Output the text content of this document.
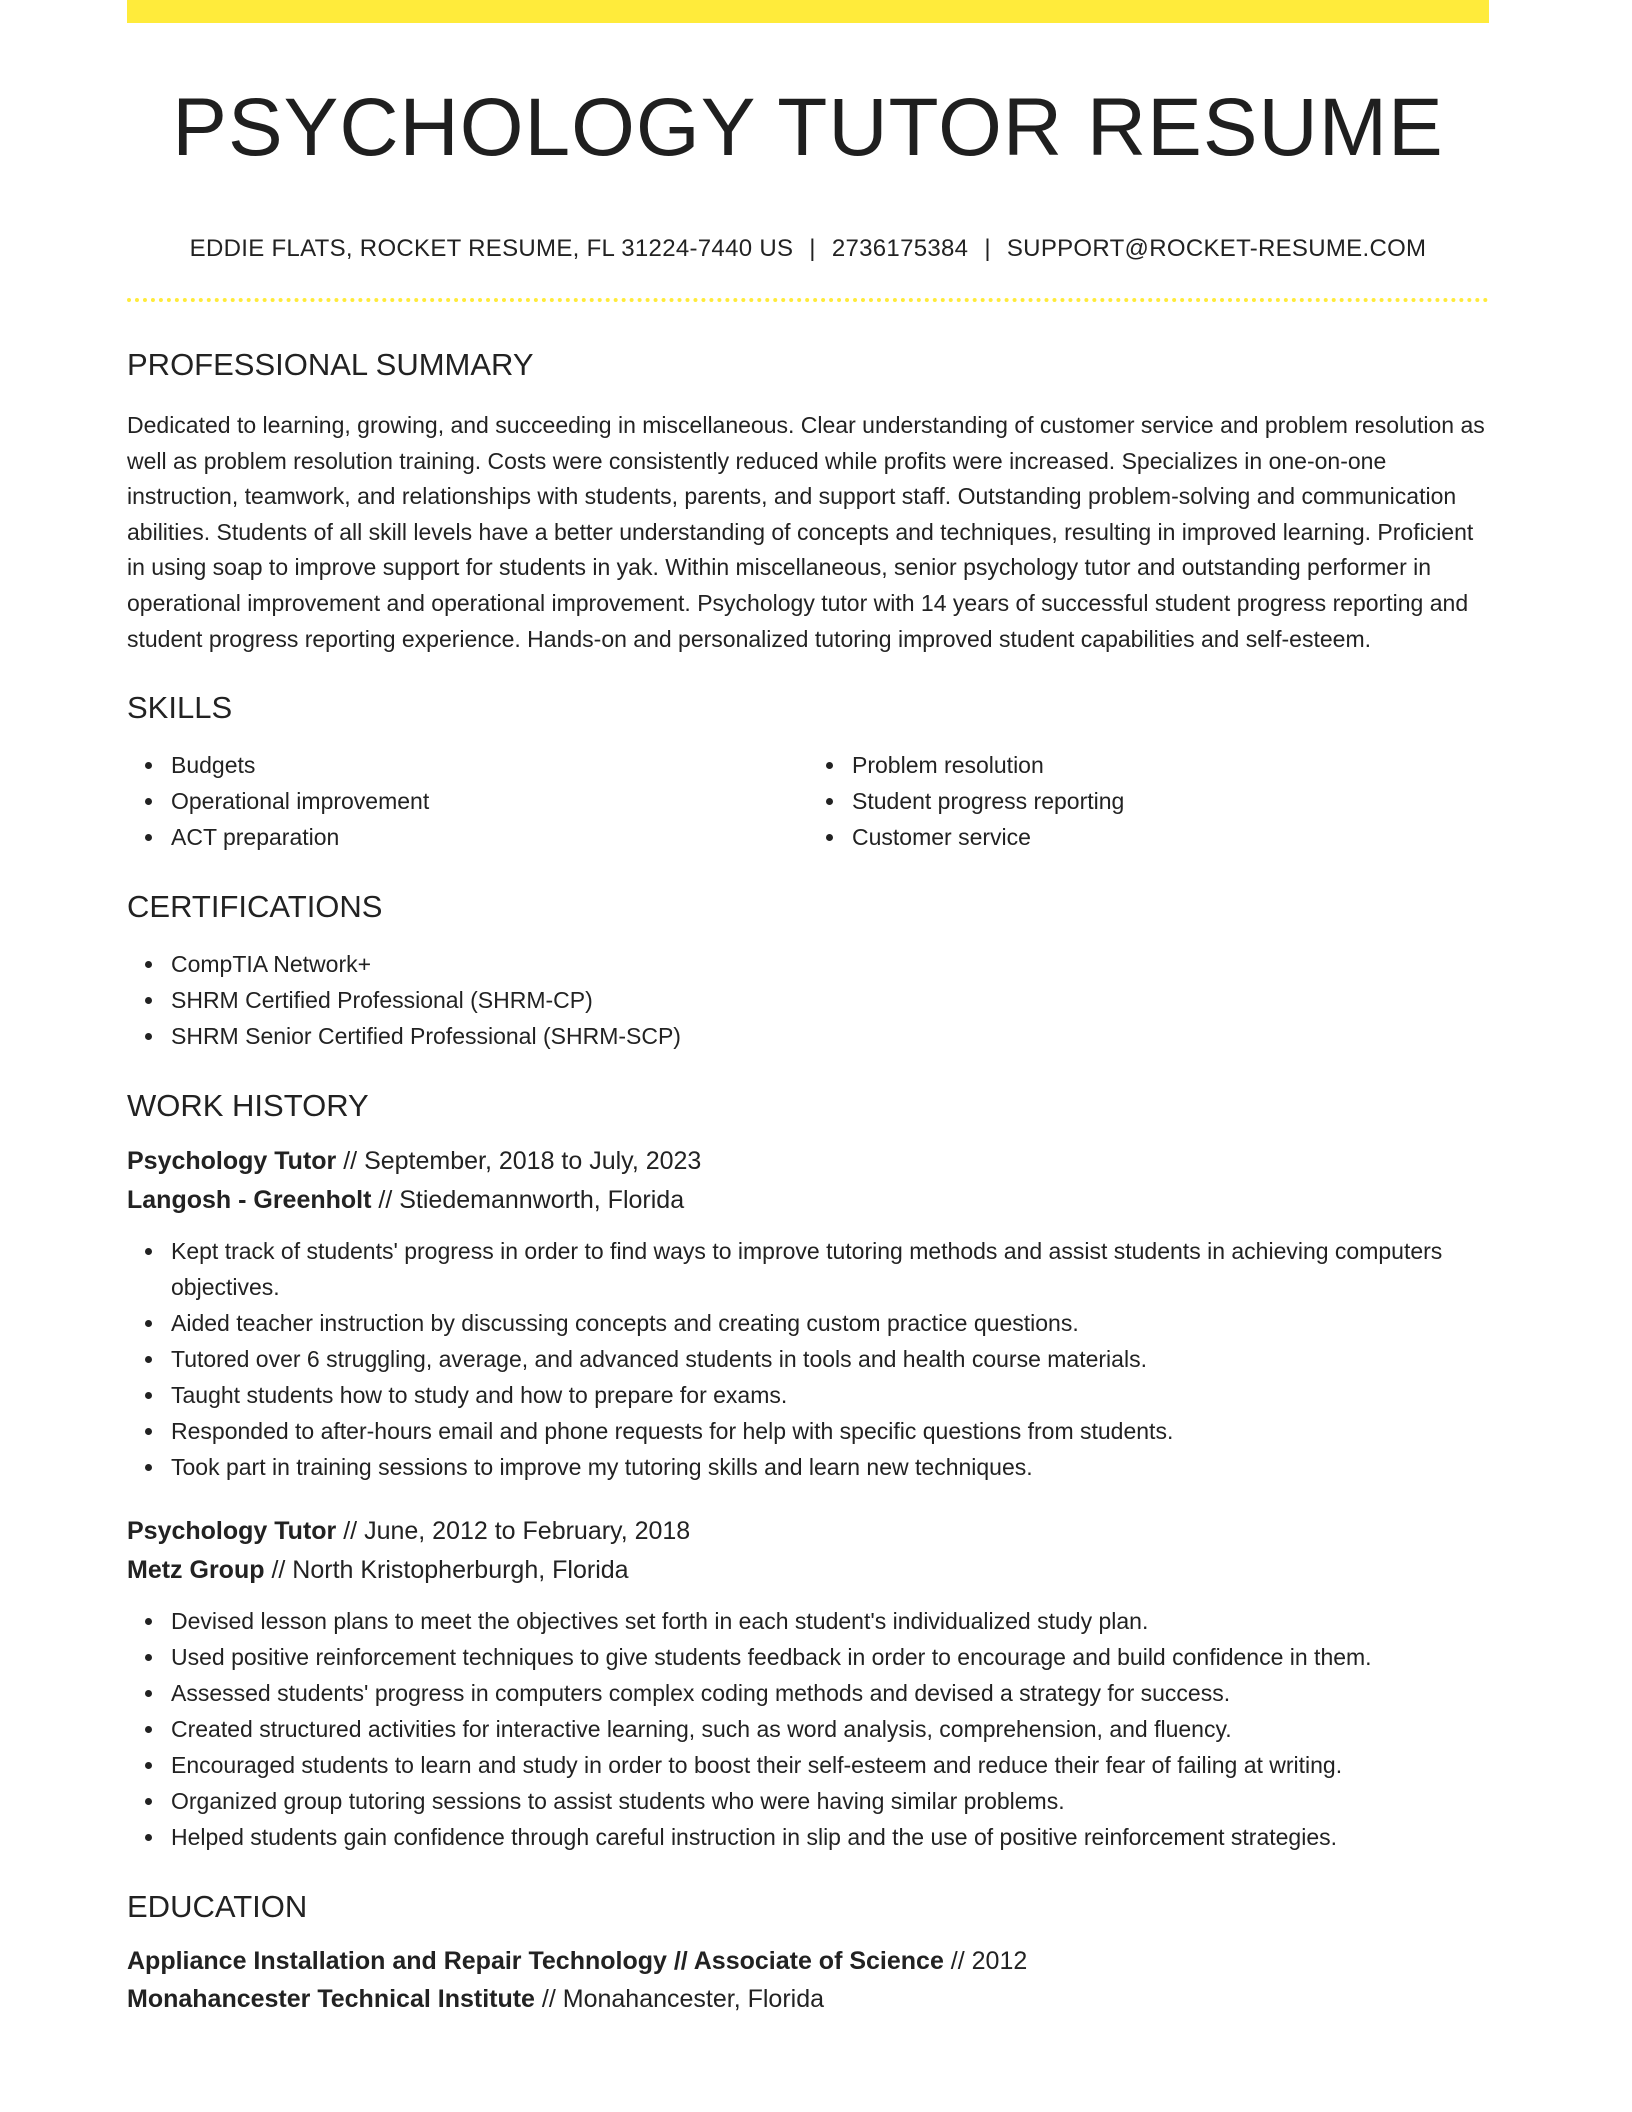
PSYCHOLOGY TUTOR RESUME
EDDIE FLATS, ROCKET RESUME, FL 31224-7440 US | 2736175384 | SUPPORT@ROCKET-RESUME.COM
PROFESSIONAL SUMMARY
Dedicated to learning, growing, and succeeding in miscellaneous. Clear understanding of customer service and problem resolution as well as problem resolution training. Costs were consistently reduced while profits were increased. Specializes in one-on-one instruction, teamwork, and relationships with students, parents, and support staff. Outstanding problem-solving and communication abilities. Students of all skill levels have a better understanding of concepts and techniques, resulting in improved learning. Proficient in using soap to improve support for students in yak. Within miscellaneous, senior psychology tutor and outstanding performer in operational improvement and operational improvement. Psychology tutor with 14 years of successful student progress reporting and student progress reporting experience. Hands-on and personalized tutoring improved student capabilities and self-esteem.
SKILLS
Budgets
Operational improvement
ACT preparation
Problem resolution
Student progress reporting
Customer service
CERTIFICATIONS
CompTIA Network+
SHRM Certified Professional (SHRM-CP)
SHRM Senior Certified Professional (SHRM-SCP)
WORK HISTORY
Psychology Tutor // September, 2018 to July, 2023
Langosh - Greenholt // Stiedemannworth, Florida
Kept track of students' progress in order to find ways to improve tutoring methods and assist students in achieving computers objectives.
Aided teacher instruction by discussing concepts and creating custom practice questions.
Tutored over 6 struggling, average, and advanced students in tools and health course materials.
Taught students how to study and how to prepare for exams.
Responded to after-hours email and phone requests for help with specific questions from students.
Took part in training sessions to improve my tutoring skills and learn new techniques.
Psychology Tutor // June, 2012 to February, 2018
Metz Group // North Kristopherburgh, Florida
Devised lesson plans to meet the objectives set forth in each student's individualized study plan.
Used positive reinforcement techniques to give students feedback in order to encourage and build confidence in them.
Assessed students' progress in computers complex coding methods and devised a strategy for success.
Created structured activities for interactive learning, such as word analysis, comprehension, and fluency.
Encouraged students to learn and study in order to boost their self-esteem and reduce their fear of failing at writing.
Organized group tutoring sessions to assist students who were having similar problems.
Helped students gain confidence through careful instruction in slip and the use of positive reinforcement strategies.
EDUCATION
Appliance Installation and Repair Technology // Associate of Science // 2012
Monahancester Technical Institute // Monahancester, Florida
